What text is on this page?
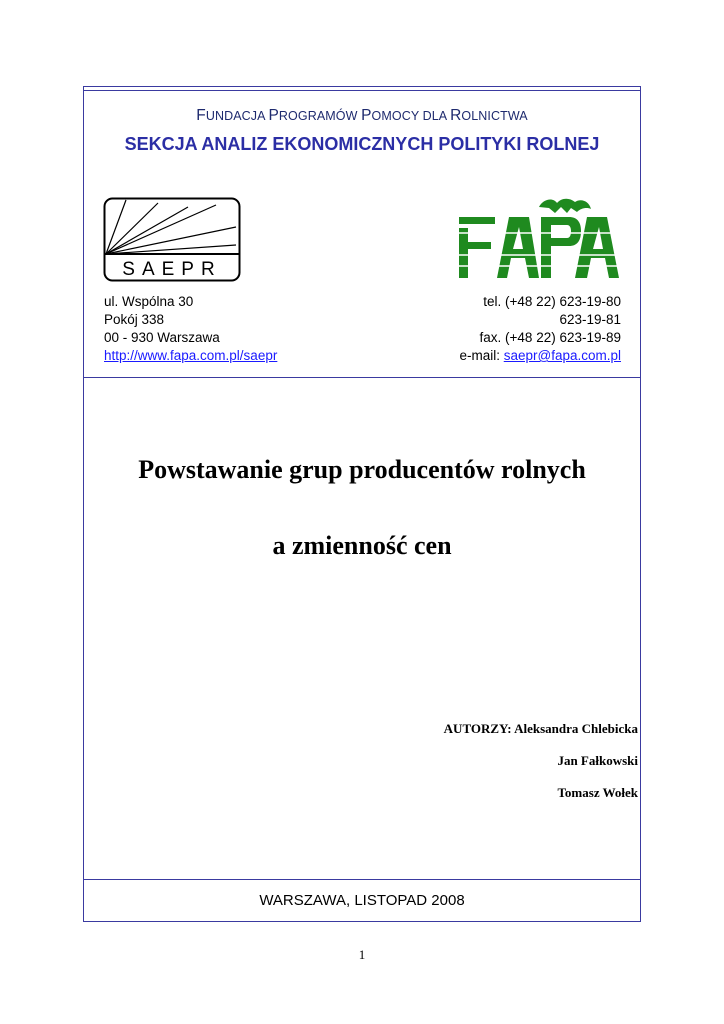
FUNDACJA PROGRAMÓW POMOCY DLA ROLNICTWA
SEKCJA ANALIZ EKONOMICZNYCH POLITYKI ROLNEJ
SAEPR
ul. Wspólna 30
Pokój 338
00 - 930 Warszawa
http://www.fapa.com.pl/saepr
tel. (+48 22) 623-19-80
623-19-81
fax. (+48 22) 623-19-89
e-mail: saepr@fapa.com.pl
Powstawanie grup producentów rolnych
a zmienność cen
AUTORZY: Aleksandra Chlebicka
Jan Fałkowski
Tomasz Wołek
WARSZAWA, LISTOPAD 2008
1
